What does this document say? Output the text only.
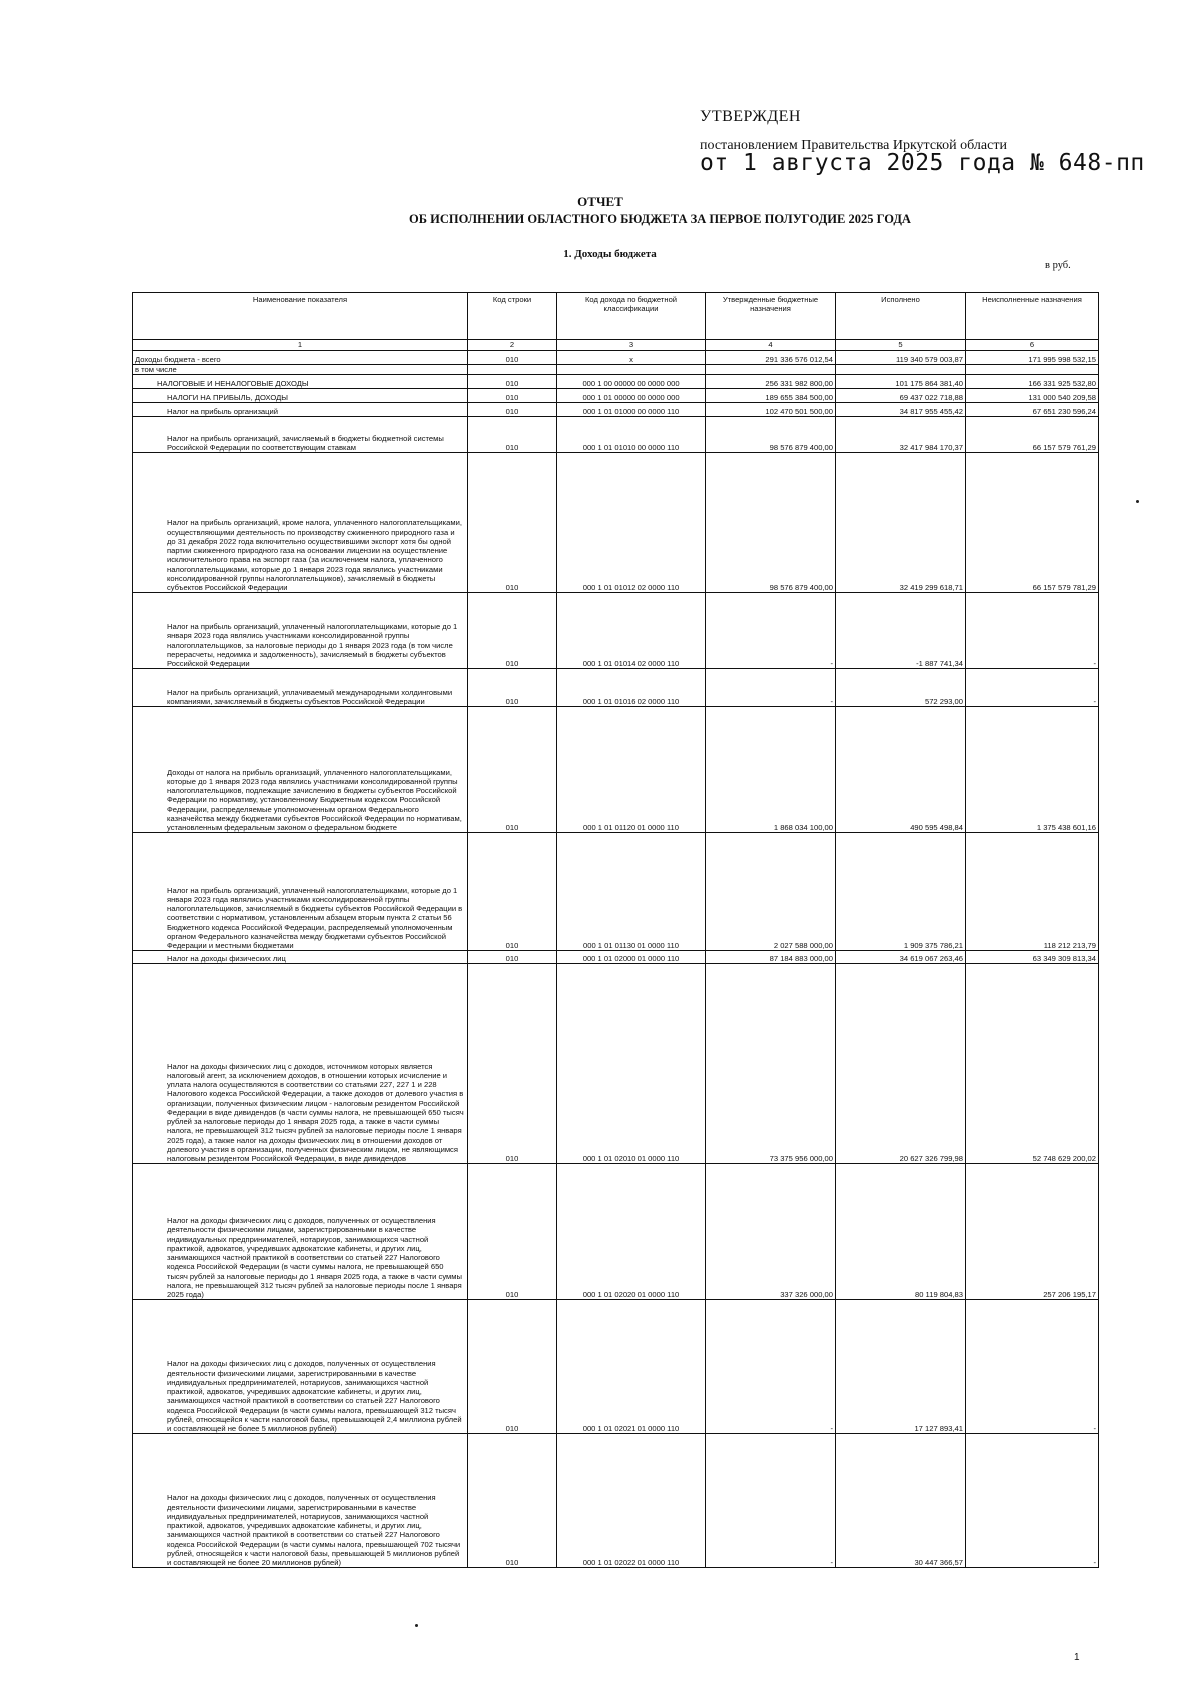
УТВЕРЖДЕН
постановлением Правительства Иркутской области
от 1 августа 2025 года № 648-пп
ОТЧЕТ
ОБ ИСПОЛНЕНИИ ОБЛАСТНОГО БЮДЖЕТА ЗА ПЕРВОЕ ПОЛУГОДИЕ 2025 ГОДА
1. Доходы бюджета
в руб.
Наименование показателя	Код строки	Код дохода по бюджетной классификации	Утвержденные бюджетные назначения	Исполнено	Неисполненные назначения
1	2	3	4	5	6
Доходы бюджета - всего	010	x	291 336 576 012,54	119 340 579 003,87	171 995 998 532,15
в том числе					
НАЛОГОВЫЕ И НЕНАЛОГОВЫЕ ДОХОДЫ	010	000 1 00 00000 00 0000 000	256 331 982 800,00	101 175 864 381,40	166 331 925 532,80
НАЛОГИ НА ПРИБЫЛЬ, ДОХОДЫ	010	000 1 01 00000 00 0000 000	189 655 384 500,00	69 437 022 718,88	131 000 540 209,58
Налог на прибыль организаций	010	000 1 01 01000 00 0000 110	102 470 501 500,00	34 817 955 455,42	67 651 230 596,24
Налог на прибыль организаций, зачисляемый в бюджеты бюджетной системы Российской Федерации по соответствующим ставкам	010	000 1 01 01010 00 0000 110	98 576 879 400,00	32 417 984 170,37	66 157 579 761,29
Налог на прибыль организаций, кроме налога, уплаченного налогоплательщиками, осуществляющими деятельность по производству сжиженного природного газа и до 31 декабря 2022 года включительно осуществившими экспорт хотя бы одной партии сжиженного природного газа на основании лицензии на осуществление исключительного права на экспорт газа (за исключением налога, уплаченного налогоплательщиками, которые до 1 января 2023 года являлись участниками консолидированной группы налогоплательщиков), зачисляемый в бюджеты субъектов Российской Федерации	010	000 1 01 01012 02 0000 110	98 576 879 400,00	32 419 299 618,71	66 157 579 781,29
Налог на прибыль организаций, уплаченный налогоплательщиками, которые до 1 января 2023 года являлись участниками консолидированной группы налогоплательщиков, за налоговые периоды до 1 января 2023 года (в том числе перерасчеты, недоимка и задолженность), зачисляемый в бюджеты субъектов Российской Федерации	010	000 1 01 01014 02 0000 110	-	-1 887 741,34	-
Налог на прибыль организаций, уплачиваемый международными холдинговыми компаниями, зачисляемый в бюджеты субъектов Российской Федерации	010	000 1 01 01016 02 0000 110	-	572 293,00	-
Доходы от налога на прибыль организаций, уплаченного налогоплательщиками, которые до 1 января 2023 года являлись участниками консолидированной группы налогоплательщиков, подлежащие зачислению в бюджеты субъектов Российской Федерации по нормативу, установленному Бюджетным кодексом Российской Федерации, распределяемые уполномоченным органом Федерального казначейства между бюджетами субъектов Российской Федерации по нормативам, установленным федеральным законом о федеральном бюджете	010	000 1 01 01120 01 0000 110	1 868 034 100,00	490 595 498,84	1 375 438 601,16
Налог на прибыль организаций, уплаченный налогоплательщиками, которые до 1 января 2023 года являлись участниками консолидированной группы налогоплательщиков, зачисляемый в бюджеты субъектов Российской Федерации в соответствии с нормативом, установленным абзацем вторым пункта 2 статьи 56 Бюджетного кодекса Российской Федерации, распределяемый уполномоченным органом Федерального казначейства между бюджетами субъектов Российской Федерации и местными бюджетами	010	000 1 01 01130 01 0000 110	2 027 588 000,00	1 909 375 786,21	118 212 213,79
Налог на доходы физических лиц	010	000 1 01 02000 01 0000 110	87 184 883 000,00	34 619 067 263,46	63 349 309 813,34
Налог на доходы физических лиц с доходов, источником которых является налоговый агент, за исключением доходов, в отношении которых исчисление и уплата налога осуществляются в соответствии со статьями 227, 227 1 и 228 Налогового кодекса Российской Федерации, а также доходов от долевого участия в организации, полученных физическим лицом - налоговым резидентом Российской Федерации в виде дивидендов (в части суммы налога, не превышающей 650 тысяч рублей за налоговые периоды до 1 января 2025 года, а также в части суммы налога, не превышающей 312 тысяч рублей за налоговые периоды после 1 января 2025 года), а также налог на доходы физических лиц в отношении доходов от долевого участия в организации, полученных физическим лицом, не являющимся налоговым резидентом Российской Федерации, в виде дивидендов	010	000 1 01 02010 01 0000 110	73 375 956 000,00	20 627 326 799,98	52 748 629 200,02
Налог на доходы физических лиц с доходов, полученных от осуществления деятельности физическими лицами, зарегистрированными в качестве индивидуальных предпринимателей, нотариусов, занимающихся частной практикой, адвокатов, учредивших адвокатские кабинеты, и других лиц, занимающихся частной практикой в соответствии со статьей 227 Налогового кодекса Российской Федерации (в части суммы налога, не превышающей 650 тысяч рублей за налоговые периоды до 1 января 2025 года, а также в части суммы налога, не превышающей 312 тысяч рублей за налоговые периоды после 1 января 2025 года)	010	000 1 01 02020 01 0000 110	337 326 000,00	80 119 804,83	257 206 195,17
Налог на доходы физических лиц с доходов, полученных от осуществления деятельности физическими лицами, зарегистрированными в качестве индивидуальных предпринимателей, нотариусов, занимающихся частной практикой, адвокатов, учредивших адвокатские кабинеты, и других лиц, занимающихся частной практикой в соответствии со статьей 227 Налогового кодекса Российской Федерации (в части суммы налога, превышающей 312 тысяч рублей, относящейся к части налоговой базы, превышающей 2,4 миллиона рублей и составляющей не более 5 миллионов рублей)	010	000 1 01 02021 01 0000 110	-	17 127 893,41	-
Налог на доходы физических лиц с доходов, полученных от осуществления деятельности физическими лицами, зарегистрированными в качестве индивидуальных предпринимателей, нотариусов, занимающихся частной практикой, адвокатов, учредивших адвокатские кабинеты, и других лиц, занимающихся частной практикой в соответствии со статьей 227 Налогового кодекса Российской Федерации (в части суммы налога, превышающей 702 тысячи рублей, относящейся к части налоговой базы, превышающей 5 миллионов рублей и составляющей не более 20 миллионов рублей)	010	000 1 01 02022 01 0000 110	-	30 447 366,57	-
1
